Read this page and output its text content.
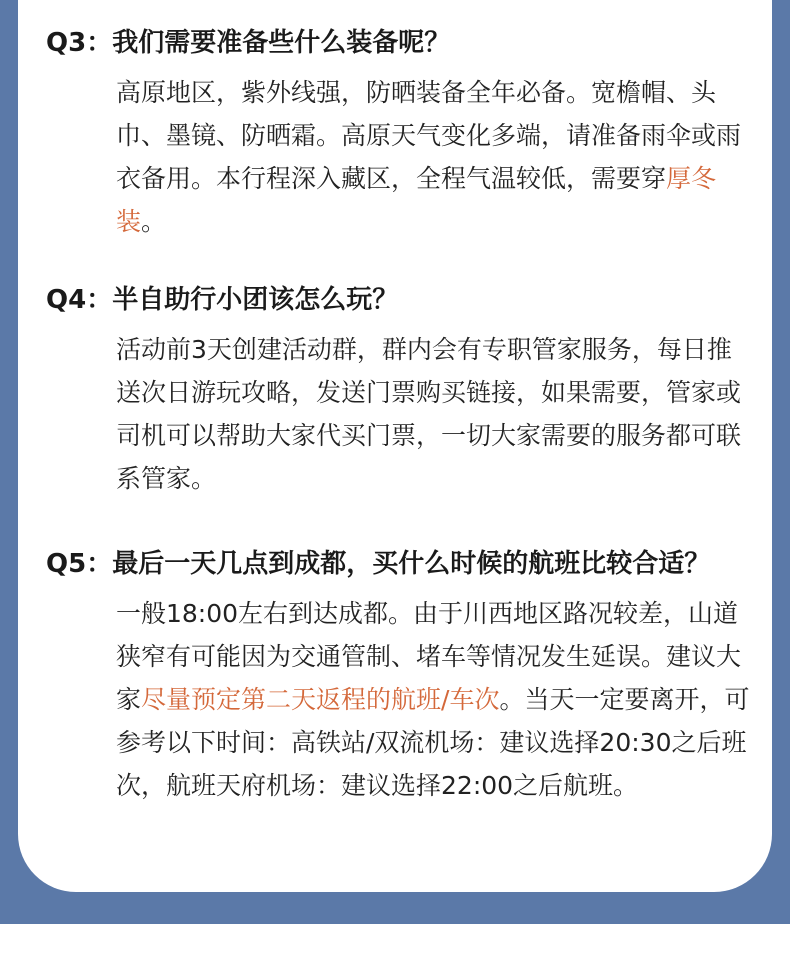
Q3：我们需要准备些什么装备呢？

高原地区，紫外线强，防晒装备全年必备。宽檐帽、头巾、墨镜、防晒霜。高原天气变化多端，请准备雨伞或雨衣备用。本行程深入藏区，全程气温较低，需要穿厚冬装。

Q4：半自助行小团该怎么玩？

活动前3天创建活动群，群内会有专职管家服务，每日推送次日游玩攻略，发送门票购买链接，如果需要，管家或司机可以帮助大家代买门票，一切大家需要的服务都可联系管家。

Q5：最后一天几点到成都，买什么时候的航班比较合适？

一般18:00左右到达成都。由于川西地区路况较差，山道狭窄有可能因为交通管制、堵车等情况发生延误。建议大家尽量预定第二天返程的航班/车次。当天一定要离开，可参考以下时间：高铁站/双流机场：建议选择20:30之后班次，航班天府机场：建议选择22:00之后航班。
